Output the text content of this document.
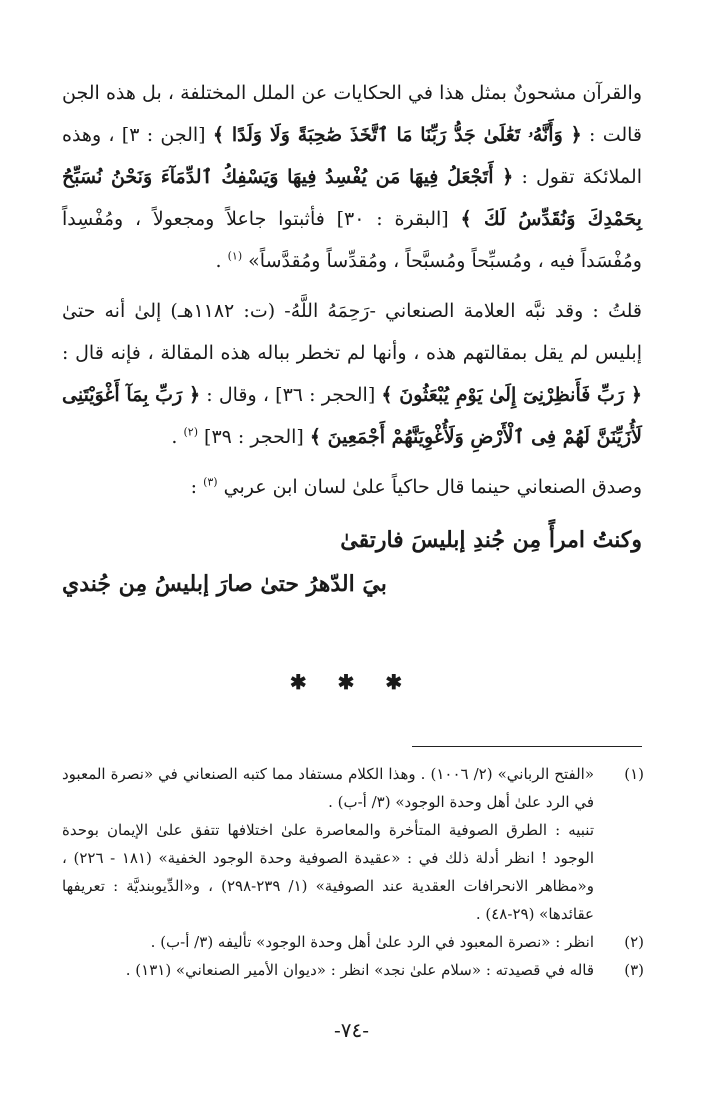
والقرآن مشحونٌ بمثل هذا في الحكايات عن الملل المختلفة ، بل هذه الجن قالت : ﴿ وَأَنَّهُۥ تَعَٰلَىٰ جَدُّ رَبِّنَا مَا ٱتَّخَذَ صَٰحِبَةً وَلَا وَلَدًا ﴾ [الجن : ٣] ، وهذه الملائكة تقول : ﴿ أَتَجْعَلُ فِيهَا مَن يُفْسِدُ فِيهَا وَيَسْفِكُ ٱلدِّمَآءَ وَنَحْنُ نُسَبِّحُ بِحَمْدِكَ وَنُقَدِّسُ لَكَ ﴾ [البقرة : ٣٠] فأثبتوا جاعلاً ومجعولاً ، ومُفْسِداً ومُفْسَداً فيه ، ومُسبِّحاً ومُسبَّحاً ، ومُقدِّساً ومُقدَّساً» $^{(١)}$ .

قلتُ : وقد نبَّه العلامة الصنعاني -رَحِمَهُ اللَّهُ- (ت: ١١٨٢هـ) إلىٰ أنه حتىٰ إبليس لم يقل بمقالتهم هذه ، وأنها لم تخطر بباله هذه المقالة ، فإنه قال : ﴿ رَبِّ فَأَنظِرْنِىٓ إِلَىٰ يَوْمِ يُبْعَثُونَ ﴾ [الحجر : ٣٦] ، وقال : ﴿ رَبِّ بِمَآ أَغْوَيْتَنِى لَأُزَيِّنَنَّ لَهُمْ فِى ٱلْأَرْضِ وَلَأُغْوِيَنَّهُمْ أَجْمَعِينَ ﴾ [الحجر : ٣٩] $^{(٢)}$ .

وصدق الصنعاني حينما قال حاكياً علىٰ لسان ابن عربي $^{(٣)}$ :

وكنتُ امرأً مِن جُندِ إبليسَ فارتقىٰ

بيَ الدّهرُ حتىٰ صارَ إبليسُ مِن جُندي

✱ ✱ ✱
(١)
«الفتح الرباني» (٢/ ١٠٠٦) . وهذا الكلام مستفاد مما كتبه الصنعاني في «نصرة المعبود في الرد علىٰ أهل وحدة الوجود» (٣/ أ-ب) .
تنبيه : الطرق الصوفية المتأخرة والمعاصرة علىٰ اختلافها تتفق علىٰ الإيمان بوحدة الوجود ! انظر أدلة ذلك في : «عقيدة الصوفية وحدة الوجود الخفية» (١٨١ - ٢٢٦) ، و«مظاهر الانحرافات العقدية عند الصوفية» (١/ ٢٣٩-٢٩٨) ، و«الدِّيوبنديَّة : تعريفها عقائدها» (٢٩-٤٨) .
(٢)
انظر : «نصرة المعبود في الرد علىٰ أهل وحدة الوجود» تأليفه (٣/ أ-ب) .
(٣)
قاله في قصيدته : «سلام علىٰ نجد» انظر : «ديوان الأمير الصنعاني» (١٣١) .
-٧٤-
